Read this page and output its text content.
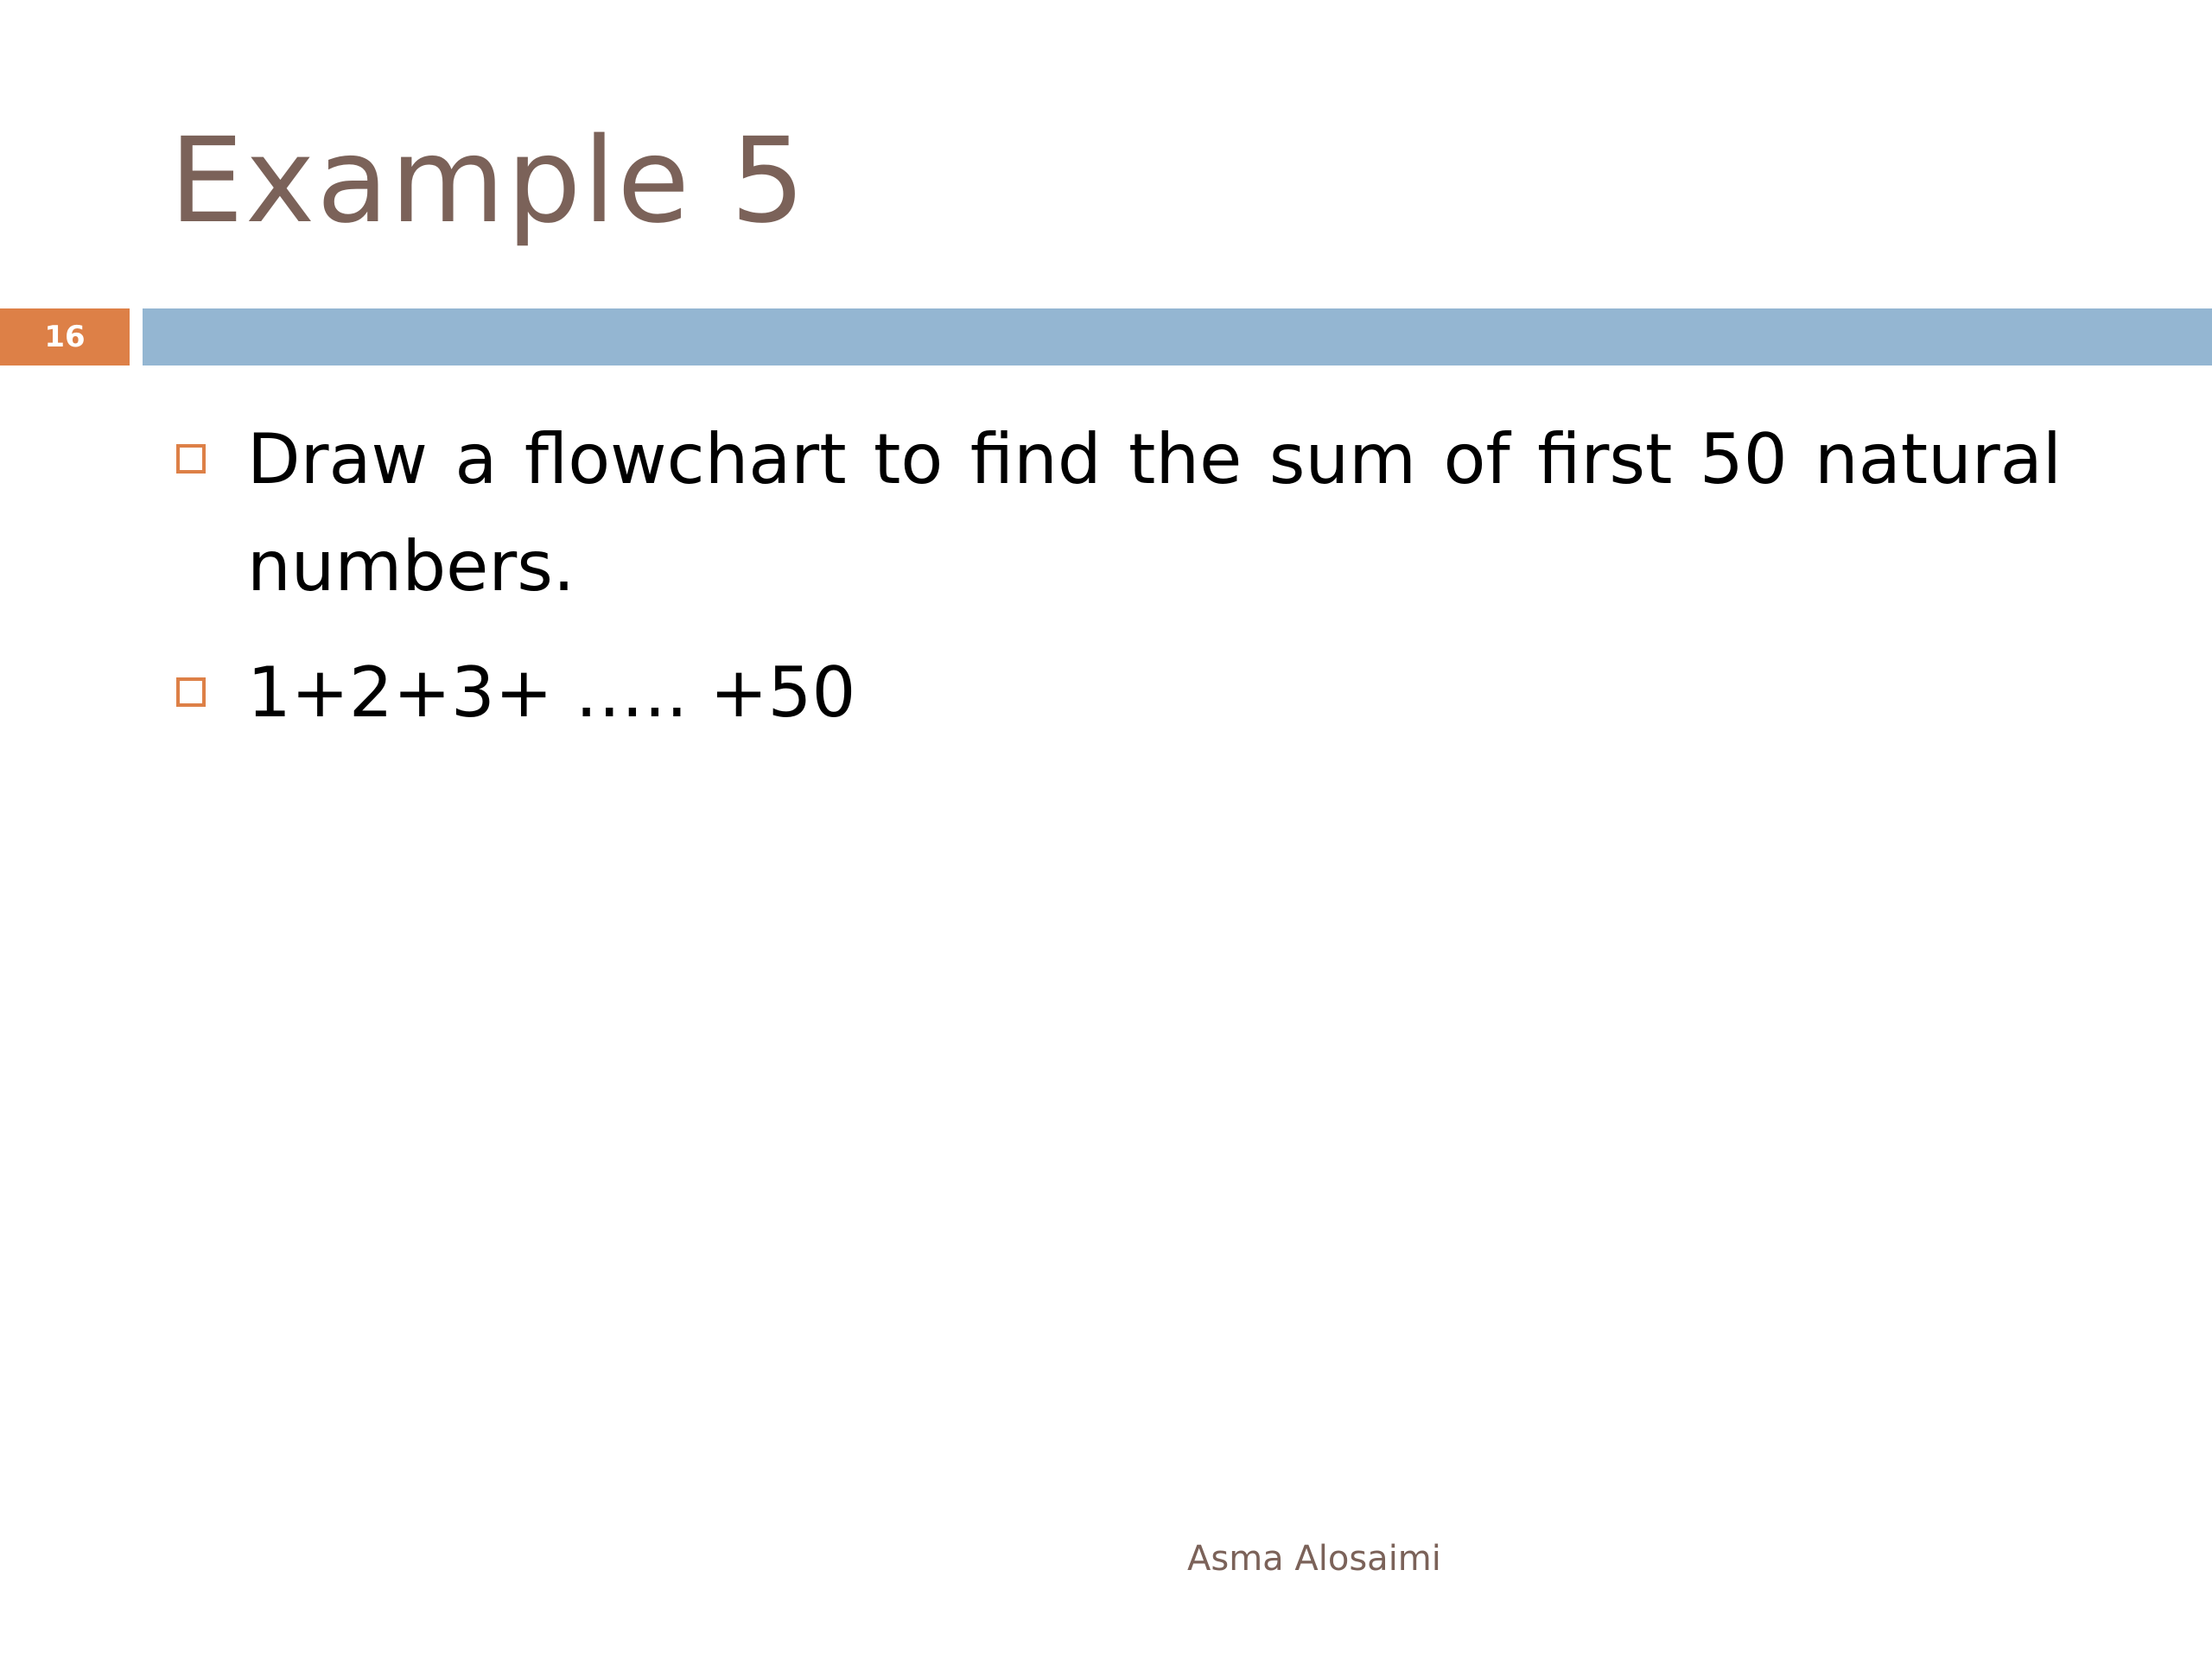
Example 5
16
Draw a flowchart to find the sum of first 50 natural numbers.
1+2+3+ ….. +50
Asma Alosaimi
